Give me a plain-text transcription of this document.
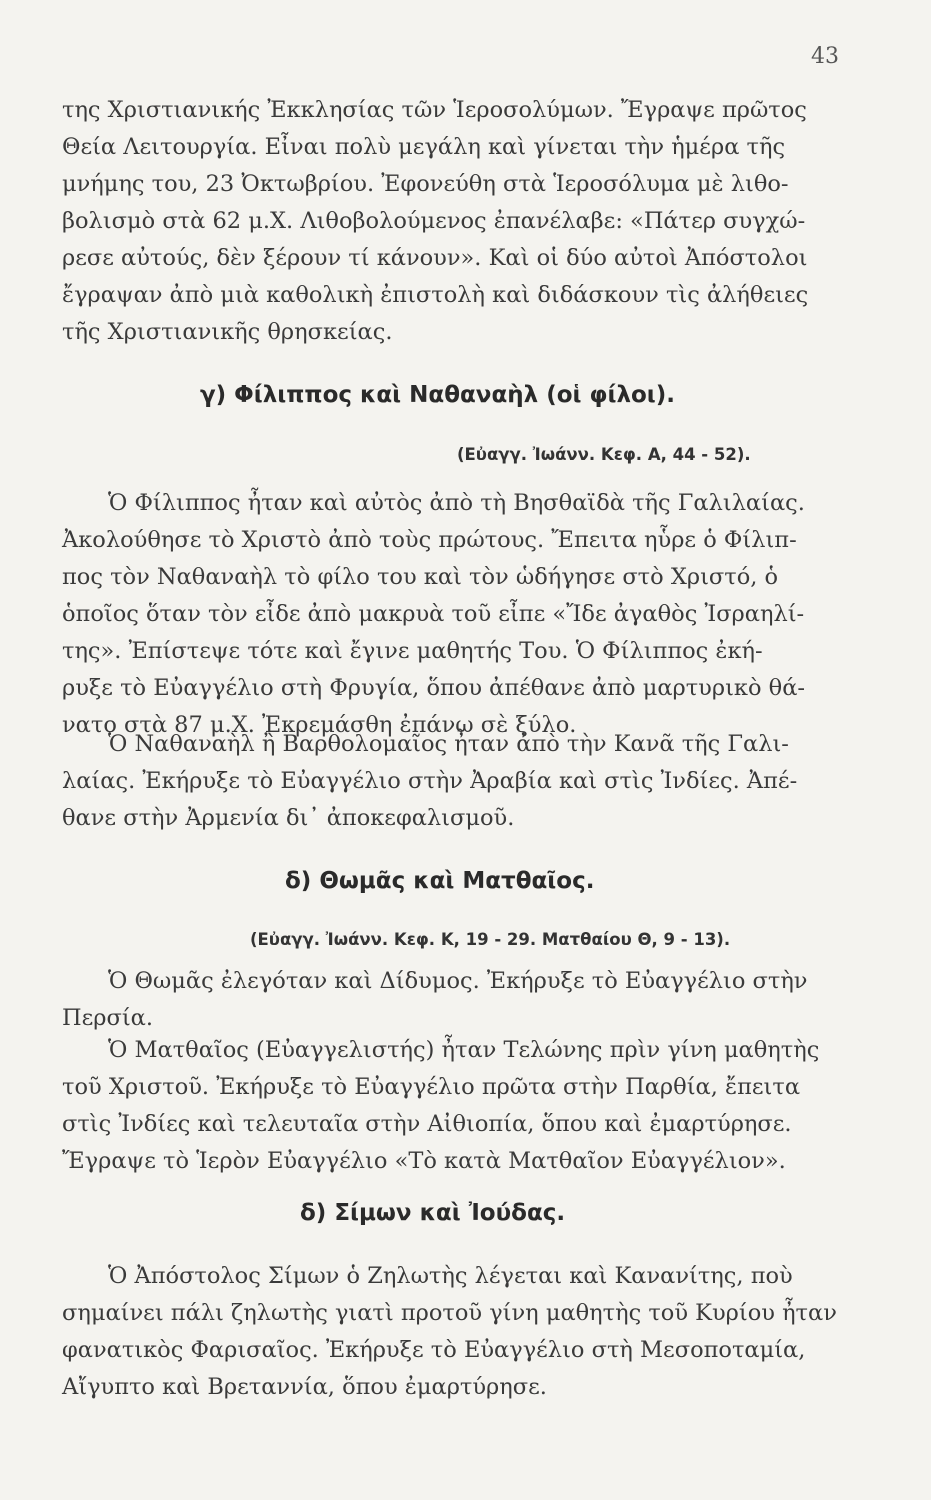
43
της Χριστιανικής Ἐκκλησίας τῶν Ἱεροσολύμων. Ἔγραψε πρῶτος
Θεία Λειτουργία. Εἶναι πολὺ μεγάλη καὶ γίνεται τὴν ἡμέρα τῆς
μνήμης του, 23 Ὀκτωβρίου. Ἐφονεύθη στὰ Ἱεροσόλυμα μὲ λιθο-
βολισμὸ στὰ 62 μ.Χ. Λιθοβολούμενος ἐπανέλαβε: «Πάτερ συγχώ-
ρεσε αὐτούς, δὲν ξέρουν τί κάνουν». Καὶ οἱ δύο αὐτοὶ Ἀπόστολοι
ἔγραψαν ἀπὸ μιὰ καθολικὴ ἐπιστολὴ καὶ διδάσκουν τὶς ἀλήθειες
τῆς Χριστιανικῆς θρησκείας.
γ) Φίλιππος καὶ Ναθαναὴλ (οἱ φίλοι).
(Εὐαγγ. Ἰωάνν. Κεφ. Α, 44 - 52).
Ὁ Φίλιππος ἦταν καὶ αὐτὸς ἀπὸ τὴ Βησθαϊδὰ τῆς Γαλιλαίας.
Ἀκολούθησε τὸ Χριστὸ ἀπὸ τοὺς πρώτους. Ἔπειτα ηὗρε ὁ Φίλιπ-
πος τὸν Ναθαναὴλ τὸ φίλο του καὶ τὸν ὡδήγησε στὸ Χριστό, ὁ
ὁποῖος ὅταν τὸν εἶδε ἀπὸ μακρυὰ τοῦ εἶπε «Ἴδε ἀγαθὸς Ἰσραηλί-
της». Ἐπίστεψε τότε καὶ ἔγινε μαθητής Του. Ὁ Φίλιππος ἐκή-
ρυξε τὸ Εὐαγγέλιο στὴ Φρυγία, ὅπου ἀπέθανε ἀπὸ μαρτυρικὸ θά-
νατο στὰ 87 μ.Χ. Ἐκρεμάσθη ἐπάνω σὲ ξύλο.
Ὁ Ναθαναὴλ ἢ Βαρθολομαῖος ἦταν ἀπὸ τὴν Κανᾶ τῆς Γαλι-
λαίας. Ἐκήρυξε τὸ Εὐαγγέλιο στὴν Ἀραβία καὶ στὶς Ἰνδίες. Ἀπέ-
θανε στὴν Ἀρμενία δι᾽ ἀποκεφαλισμοῦ.
δ) Θωμᾶς καὶ Ματθαῖος.
(Εὐαγγ. Ἰωάνν. Κεφ. Κ, 19 - 29. Ματθαίου Θ, 9 - 13).
Ὁ Θωμᾶς ἐλεγόταν καὶ Δίδυμος. Ἐκήρυξε τὸ Εὐαγγέλιο στὴν
Περσία.
Ὁ Ματθαῖος (Εὐαγγελιστής) ἦταν Τελώνης πρὶν γίνη μαθητὴς
τοῦ Χριστοῦ. Ἐκήρυξε τὸ Εὐαγγέλιο πρῶτα στὴν Παρθία, ἔπειτα
στὶς Ἰνδίες καὶ τελευταῖα στὴν Αἰθιοπία, ὅπου καὶ ἐμαρτύρησε.
Ἔγραψε τὸ Ἱερὸν Εὐαγγέλιο «Τὸ κατὰ Ματθαῖον Εὐαγγέλιον».
δ) Σίμων καὶ Ἰούδας.
Ὁ Ἀπόστολος Σίμων ὁ Ζηλωτὴς λέγεται καὶ Κανανίτης, ποὺ
σημαίνει πάλι ζηλωτὴς γιατὶ προτοῦ γίνη μαθητὴς τοῦ Κυρίου ἦταν
φανατικὸς Φαρισαῖος. Ἐκήρυξε τὸ Εὐαγγέλιο στὴ Μεσοποταμία,
Αἴγυπτο καὶ Βρεταννία, ὅπου ἐμαρτύρησε.
